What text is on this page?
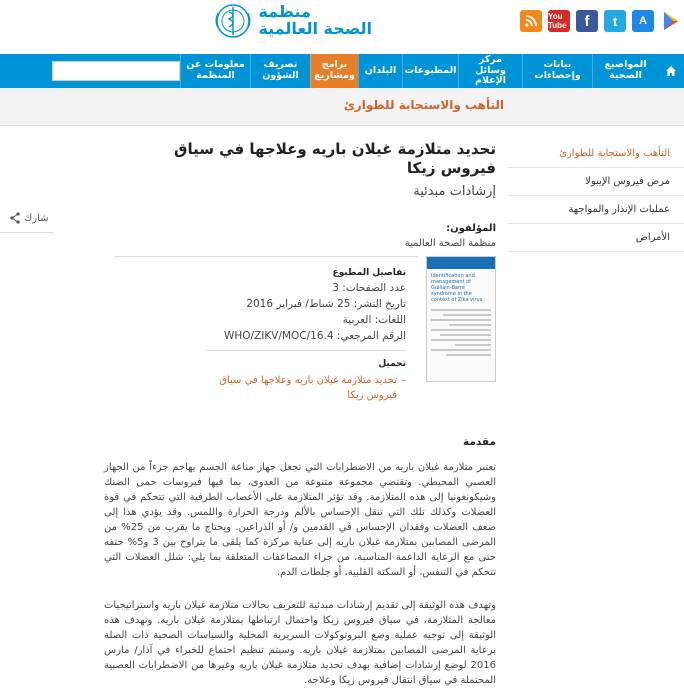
منظمة
الصحة العالمية
You Tube	f	t	A
المواضيع الصحية
بيانات وإحصاءات
مركز وسائل الإعلام
المطبوعات
البلدان
برامج ومشاريع
تصريف الشؤون
معلومات عن المنظمة
التأهب والاستجابة للطوارئ
التأهب والاستجابة للطوارئ
مرض فيروس الإيبولا
عمليات الإنذار والمواجهة
الأمراض
شارك
تحديد متلازمة غيلان باريه وعلاجها في سياق فيروس زيكا
إرشادات مبدئية
المؤلفون:
منظمة الصحة العالمية
Identification and management of Guillain-Barré syndrome in the context of Zika virus
تفاصيل المطبوع
عدد الصفحات: 3
تاريخ النشر: 25 شباط/ فبراير 2016
اللغات: العربية
الرقم المرجعي: WHO/ZIKV/MOC/16.4
تحميل
–
تحديد متلازمة غيلان باريه وعلاجها في سياق فيروس زيكا
مقدمة

تعتبر متلازمة غيلان باريه من الاضطرابات التي تجعل جهاز مناعة الجسم يهاجم جزءاً من الجهاز العصبي المحيطي. وتقتضي مجموعة متنوعة من العدوى، بما فيها فيروسات حمى الضنك وشيكونغونيا إلى هذه المتلازمة. وقد تؤثر المتلازمة على الأعصاب الطرفية التي تتحكم في قوة العضلات وكذلك تلك التي تنقل الإحساس بالألم ودرجة الحرارة واللمس. وقد يؤدي هذا إلى ضعف العضلات وفقدان الإحساس في القدمين و/ أو الذراعين. ويحتاج ما يقرب من 25% من المرضى المصابين بمتلازمة غيلان باريه إلى عناية مركزة كما يلقى ما يتراوح بين 3 و5% حتفه حتى مع الرعاية الداعمة المناسبة، من جراء المضاعفات المتعلقة بما يلي: شلل العضلات التي تتحكم في التنفس، أو السكتة القلبية، أو جلطات الدم.

وتهدف هذه الوثيقة إلى تقديم إرشادات مبدئية للتعريف بحالات متلازمة غيلان باريه واستراتيجيات معالجة المتلازمة، في سياق فيروس زيكا واحتمال ارتباطها بمتلازمة غيلان باريه. وتهدف هذه الوثيقة إلى توجيه عملية وضع البروتوكولات السريرية المحلية والسياسات الصحية ذات الصلة برعاية المرضى المصابين بمتلازمة غيلان باريه. وسيتم تنظيم اجتماع للخبراء في آذار/ مارس 2016 لوضع إرشادات إضافية بهدف تحديد متلازمة غيلان باريه وغيرها من الاضطرابات العصبية المحتملة في سياق انتقال فيروس زيكا وعلاجه.
